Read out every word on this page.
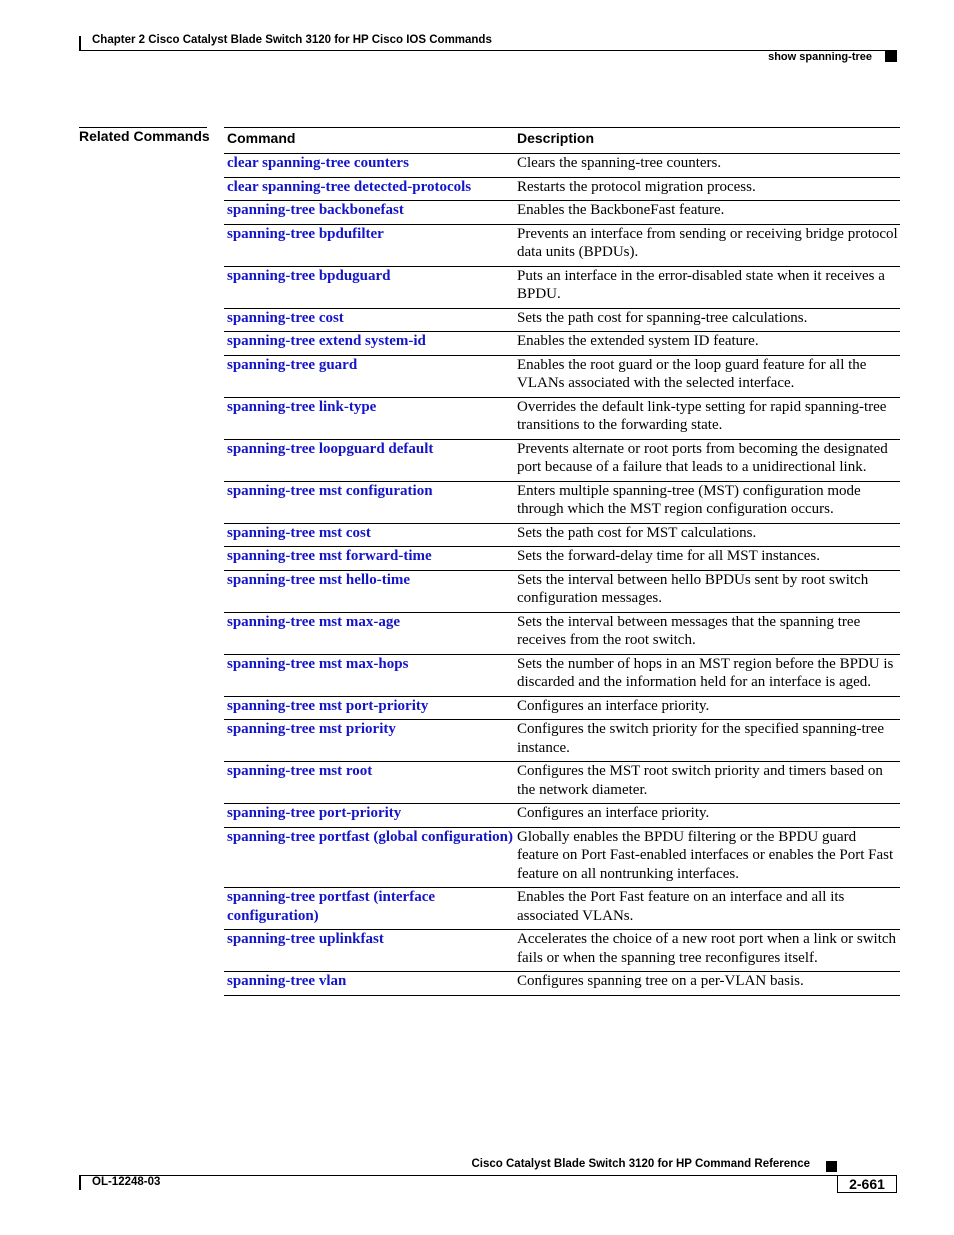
Chapter 2 Cisco Catalyst Blade Switch 3120 for HP Cisco IOS Commands
show spanning-tree
Related Commands Command	Description
clear spanning-tree counters	Clears the spanning-tree counters.
clear spanning-tree detected-protocols	Restarts the protocol migration process.
spanning-tree backbonefast	Enables the BackboneFast feature.
spanning-tree bpdufilter	Prevents an interface from sending or receiving bridge protocol data units (BPDUs).
spanning-tree bpduguard	Puts an interface in the error-disabled state when it receives a BPDU.
spanning-tree cost	Sets the path cost for spanning-tree calculations.
spanning-tree extend system-id	Enables the extended system ID feature.
spanning-tree guard	Enables the root guard or the loop guard feature for all the VLANs associated with the selected interface.
spanning-tree link-type	Overrides the default link-type setting for rapid spanning-tree transitions to the forwarding state.
spanning-tree loopguard default	Prevents alternate or root ports from becoming the designated port because of a failure that leads to a unidirectional link.
spanning-tree mst configuration	Enters multiple spanning-tree (MST) configuration mode through which the MST region configuration occurs.
spanning-tree mst cost	Sets the path cost for MST calculations.
spanning-tree mst forward-time	Sets the forward-delay time for all MST instances.
spanning-tree mst hello-time	Sets the interval between hello BPDUs sent by root switch configuration messages.
spanning-tree mst max-age	Sets the interval between messages that the spanning tree receives from the root switch.
spanning-tree mst max-hops	Sets the number of hops in an MST region before the BPDU is discarded and the information held for an interface is aged.
spanning-tree mst port-priority	Configures an interface priority.
spanning-tree mst priority	Configures the switch priority for the specified spanning-tree instance.
spanning-tree mst root	Configures the MST root switch priority and timers based on the network diameter.
spanning-tree port-priority	Configures an interface priority.
spanning-tree portfast (global configuration)	Globally enables the BPDU filtering or the BPDU guard feature on Port Fast-enabled interfaces or enables the Port Fast feature on all nontrunking interfaces.
spanning-tree portfast (interface configuration)	Enables the Port Fast feature on an interface and all its associated VLANs.
spanning-tree uplinkfast	Accelerates the choice of a new root port when a link or switch fails or when the spanning tree reconfigures itself.
spanning-tree vlan	Configures spanning tree on a per-VLAN basis.
Cisco Catalyst Blade Switch 3120 for HP Command Reference
OL-12248-03	2-661
